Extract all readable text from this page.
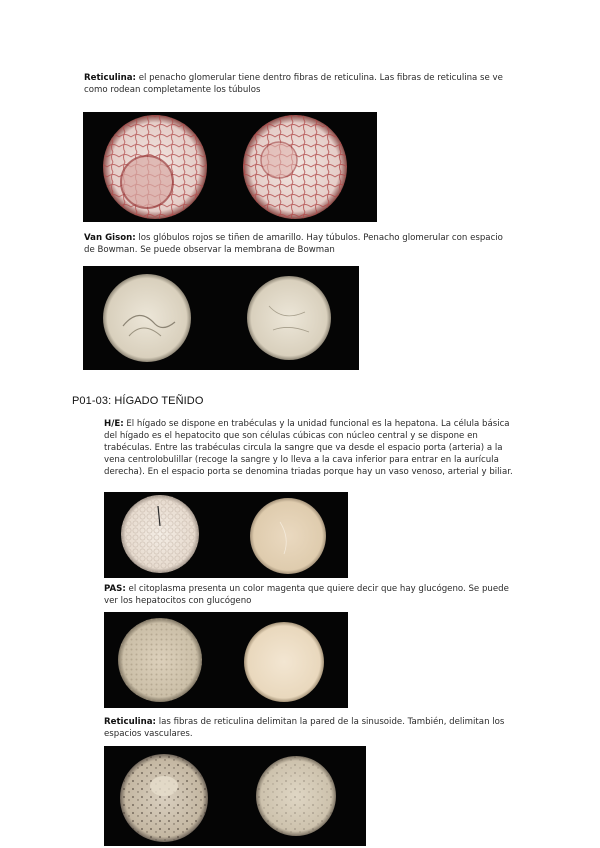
Reticulina: el penacho glomerular tiene dentro fibras de reticulina. Las fibras de reticulina se ve como rodean completamente los túbulos

Van Gison: los glóbulos rojos se tiñen de amarillo. Hay túbulos. Penacho glomerular con espacio de Bowman. Se puede observar la membrana de Bowman

P01-03: HÍGADO TEÑIDO

H/E: El hígado se dispone en trabéculas y la unidad funcional es la hepatona. La célula básica del hígado es el hepatocito que son células cúbicas con núcleo central y se dispone en trabéculas. Entre las trabéculas circula la sangre que va desde el espacio porta (arteria) a la vena centrolobulillar (recoge la sangre y lo lleva a la cava inferior para entrar en la aurícula derecha). En el espacio porta se denomina triadas porque hay un vaso venoso, arterial y biliar.

PAS: el citoplasma presenta un color magenta que quiere decir que hay glucógeno. Se puede ver los hepatocitos con glucógeno

Reticulina: las fibras de reticulina delimitan la pared de la sinusoide. También, delimitan los espacios vasculares.
